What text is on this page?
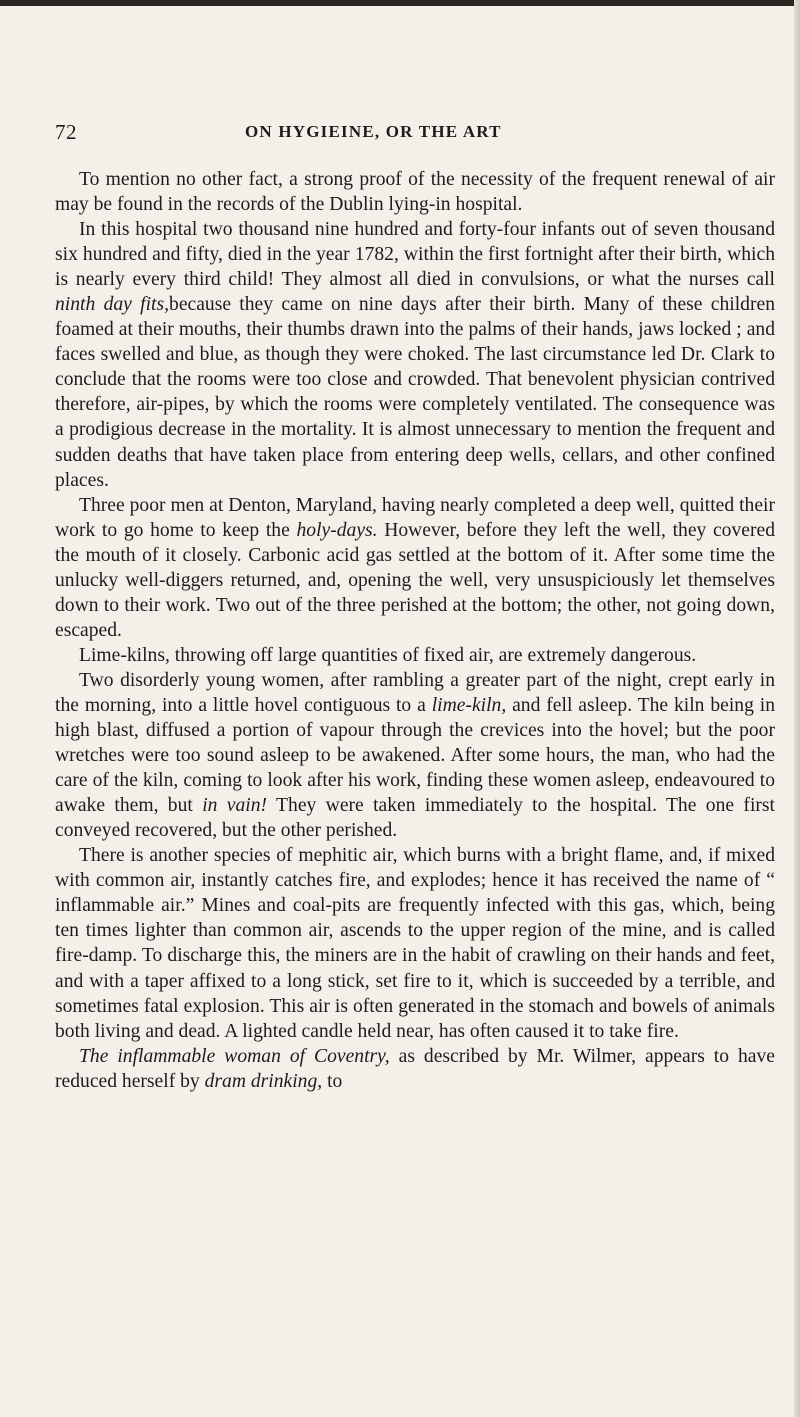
72	ON HYGIEINE, OR THE ART

To mention no other fact, a strong proof of the necessity of the frequent renewal of air may be found in the records of the Dublin lying-in hospital.

In this hospital two thousand nine hundred and forty-four infants out of seven thousand six hundred and fifty, died in the year 1782, within the first fortnight after their birth, which is nearly every third child! They almost all died in convulsions, or what the nurses call ninth day fits,because they came on nine days after their birth. Many of these children foamed at their mouths, their thumbs drawn into the palms of their hands, jaws locked ; and faces swelled and blue, as though they were choked. The last circumstance led Dr. Clark to conclude that the rooms were too close and crowded. That benevolent physician contrived therefore, air-pipes, by which the rooms were completely ventilated. The consequence was a prodigious decrease in the mortality. It is almost unnecessary to mention the frequent and sudden deaths that have taken place from entering deep wells, cellars, and other confined places.

Three poor men at Denton, Maryland, having nearly completed a deep well, quitted their work to go home to keep the holy-days. However, before they left the well, they covered the mouth of it closely. Carbonic acid gas settled at the bottom of it. After some time the unlucky well-diggers returned, and, opening the well, very unsuspiciously let themselves down to their work. Two out of the three perished at the bottom; the other, not going down, escaped.

Lime-kilns, throwing off large quantities of fixed air, are extremely dangerous.

Two disorderly young women, after rambling a greater part of the night, crept early in the morning, into a little hovel contiguous to a lime-kiln, and fell asleep. The kiln being in high blast, diffused a portion of vapour through the crevices into the hovel; but the poor wretches were too sound asleep to be awakened. After some hours, the man, who had the care of the kiln, coming to look after his work, finding these women asleep, endeavoured to awake them, but in vain! They were taken immediately to the hospital. The one first conveyed recovered, but the other perished.

There is another species of mephitic air, which burns with a bright flame, and, if mixed with common air, instantly catches fire, and explodes; hence it has received the name of “ inflammable air.” Mines and coal-pits are frequently infected with this gas, which, being ten times lighter than common air, ascends to the upper region of the mine, and is called fire-damp. To discharge this, the miners are in the habit of crawling on their hands and feet, and with a taper affixed to a long stick, set fire to it, which is succeeded by a terrible, and sometimes fatal explosion. This air is often generated in the stomach and bowels of animals both living and dead. A lighted candle held near, has often caused it to take fire.

The inflammable woman of Coventry, as described by Mr. Wilmer, appears to have reduced herself by dram drinking, to
